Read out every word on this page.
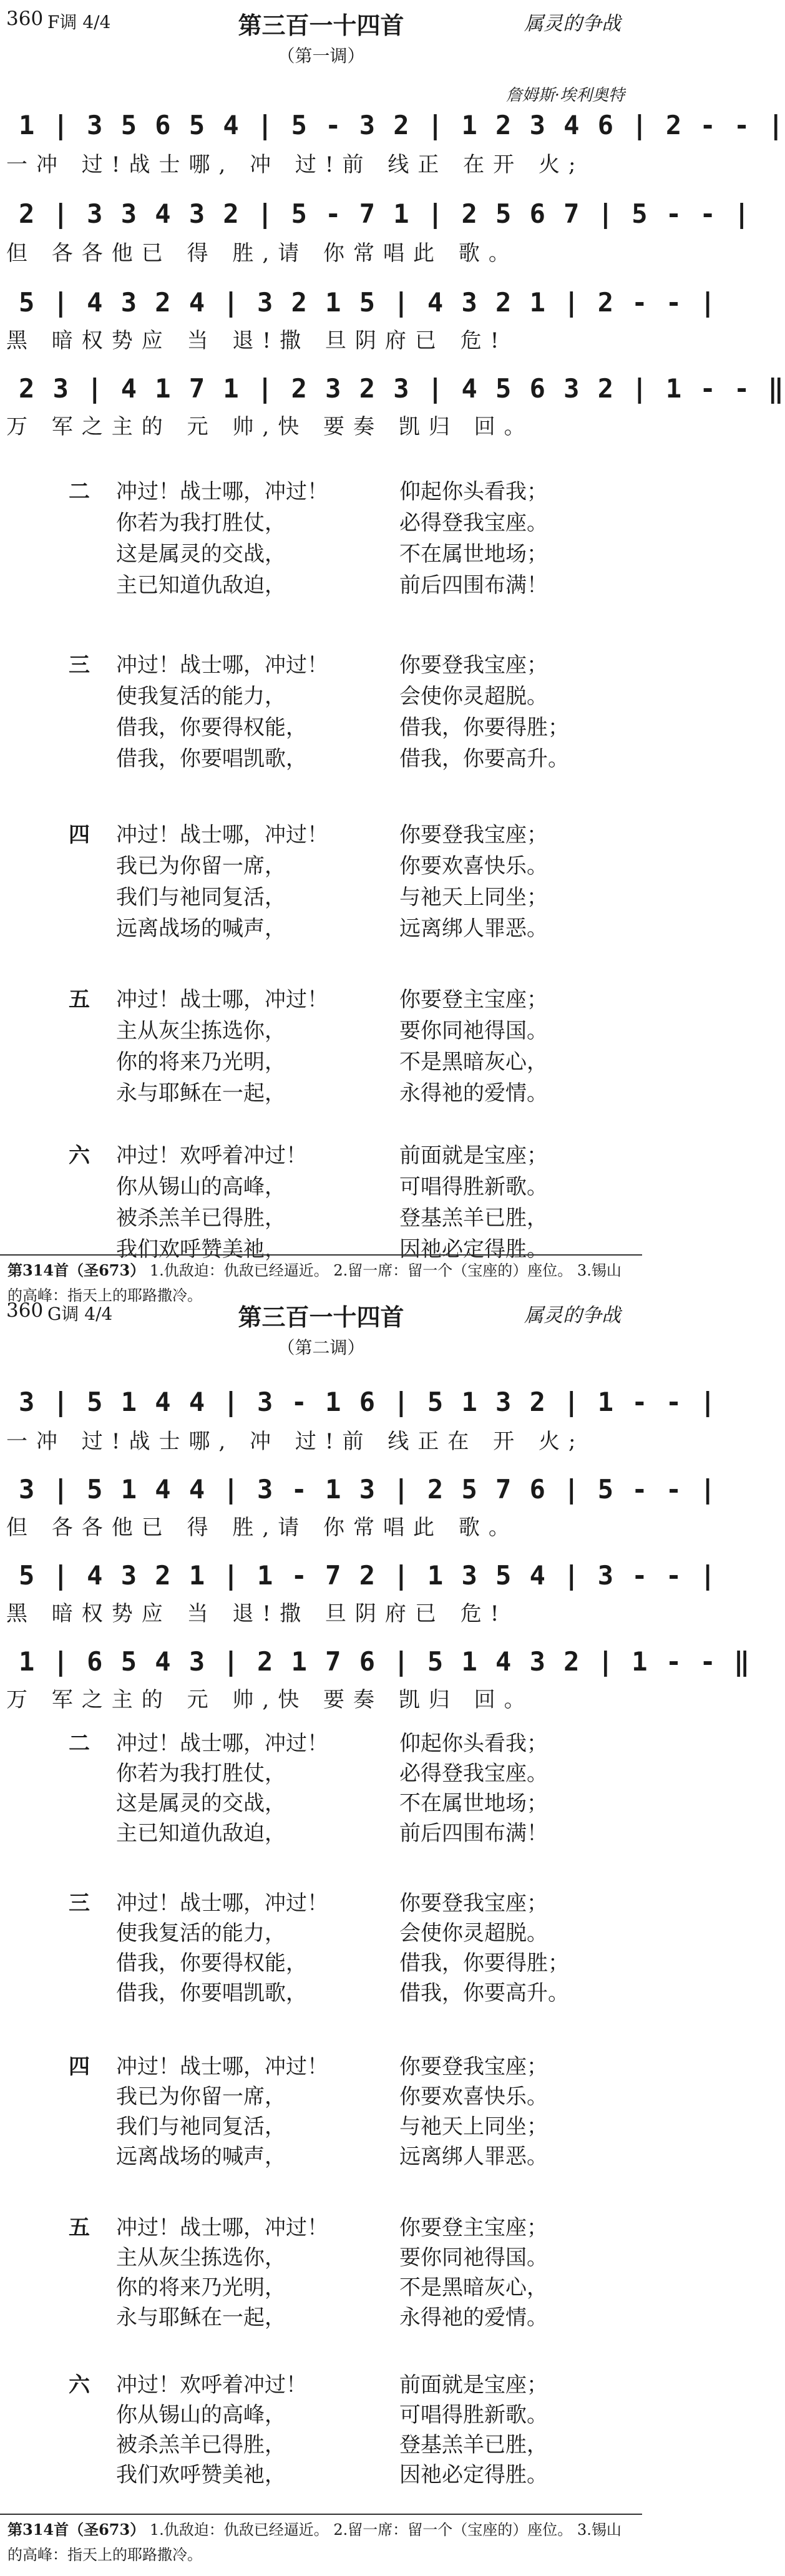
360 F调 4/4	第三百一十四首	属灵的争战
（第一调）
詹姆斯·埃利奥特
1 | 3 5 6 5 4 | 5 - 3 2 | 1 2 3 4 6 | 2 - - |
一冲 过!战士哪, 冲 过!前 线正 在开 火;
2 | 3 3 4 3 2 | 5 - 7 1 | 2 5 6 7 | 5 - - |
但 各各他已 得 胜,请 你常唱此 歌。
5 | 4 3 2 4 | 3 2 1 5 | 4 3 2 1 | 2 - - |
黑 暗权势应 当 退!撒 旦阴府已 危!
2 3 | 4 1 7 1 | 2 3 2 3 | 4 5 6 3 2 | 1 - - ‖
万 军之主的 元 帅,快 要奏 凯归 回。
二 冲过！战士哪，冲过！	仰起你头看我；
你若为我打胜仗，	必得登我宝座。
这是属灵的交战，	不在属世地场；
主已知道仇敌迫，	前后四围布满！
三 冲过！战士哪，冲过！	你要登我宝座；
使我复活的能力，	会使你灵超脱。
借我，你要得权能，	借我，你要得胜；
借我，你要唱凯歌，	借我，你要高升。
四 冲过！战士哪，冲过！	你要登我宝座；
我已为你留一席，	你要欢喜快乐。
我们与祂同复活，	与祂天上同坐；
远离战场的喊声，	远离绑人罪恶。
五 冲过！战士哪，冲过！	你要登主宝座；
主从灰尘拣选你，	要你同祂得国。
你的将来乃光明，	不是黑暗灰心，
永与耶稣在一起，	永得祂的爱情。
六 冲过！欢呼着冲过！	前面就是宝座；
你从锡山的高峰，	可唱得胜新歌。
被杀羔羊已得胜，	登基羔羊已胜，
我们欢呼赞美祂，	因祂必定得胜。
第314首（圣673） 1.仇敌迫：仇敌已经逼近。 2.留一席：留一个（宝座的）座位。 3.锡山的高峰：指天上的耶路撒冷。
360 G调 4/4	第三百一十四首	属灵的争战
（第二调）
3 | 5 1 4 4 | 3 - 1 6 | 5 1 3 2 | 1 - - |
一冲 过!战士哪, 冲 过!前 线正在 开 火;
3 | 5 1 4 4 | 3 - 1 3 | 2 5 7 6 | 5 - - |
但 各各他已 得 胜,请 你常唱此 歌。
5 | 4 3 2 1 | 1 - 7 2 | 1 3 5 4 | 3 - - |
黑 暗权势应 当 退!撒 旦阴府已 危!
1 | 6 5 4 3 | 2 1 7 6 | 5 1 4 3 2 | 1 - - ‖
万 军之主的 元 帅,快 要奏 凯归 回。
二 冲过！战士哪，冲过！	仰起你头看我；
你若为我打胜仗，	必得登我宝座。
这是属灵的交战，	不在属世地场；
主已知道仇敌迫，	前后四围布满！
三 冲过！战士哪，冲过！	你要登我宝座；
使我复活的能力，	会使你灵超脱。
借我，你要得权能，	借我，你要得胜；
借我，你要唱凯歌，	借我，你要高升。
四 冲过！战士哪，冲过！	你要登我宝座；
我已为你留一席，	你要欢喜快乐。
我们与祂同复活，	与祂天上同坐；
远离战场的喊声，	远离绑人罪恶。
五 冲过！战士哪，冲过！	你要登主宝座；
主从灰尘拣选你，	要你同祂得国。
你的将来乃光明，	不是黑暗灰心，
永与耶稣在一起，	永得祂的爱情。
六 冲过！欢呼着冲过！	前面就是宝座；
你从锡山的高峰，	可唱得胜新歌。
被杀羔羊已得胜，	登基羔羊已胜，
我们欢呼赞美祂，	因祂必定得胜。
第314首（圣673） 1.仇敌迫：仇敌已经逼近。 2.留一席：留一个（宝座的）座位。 3.锡山的高峰：指天上的耶路撒冷。
